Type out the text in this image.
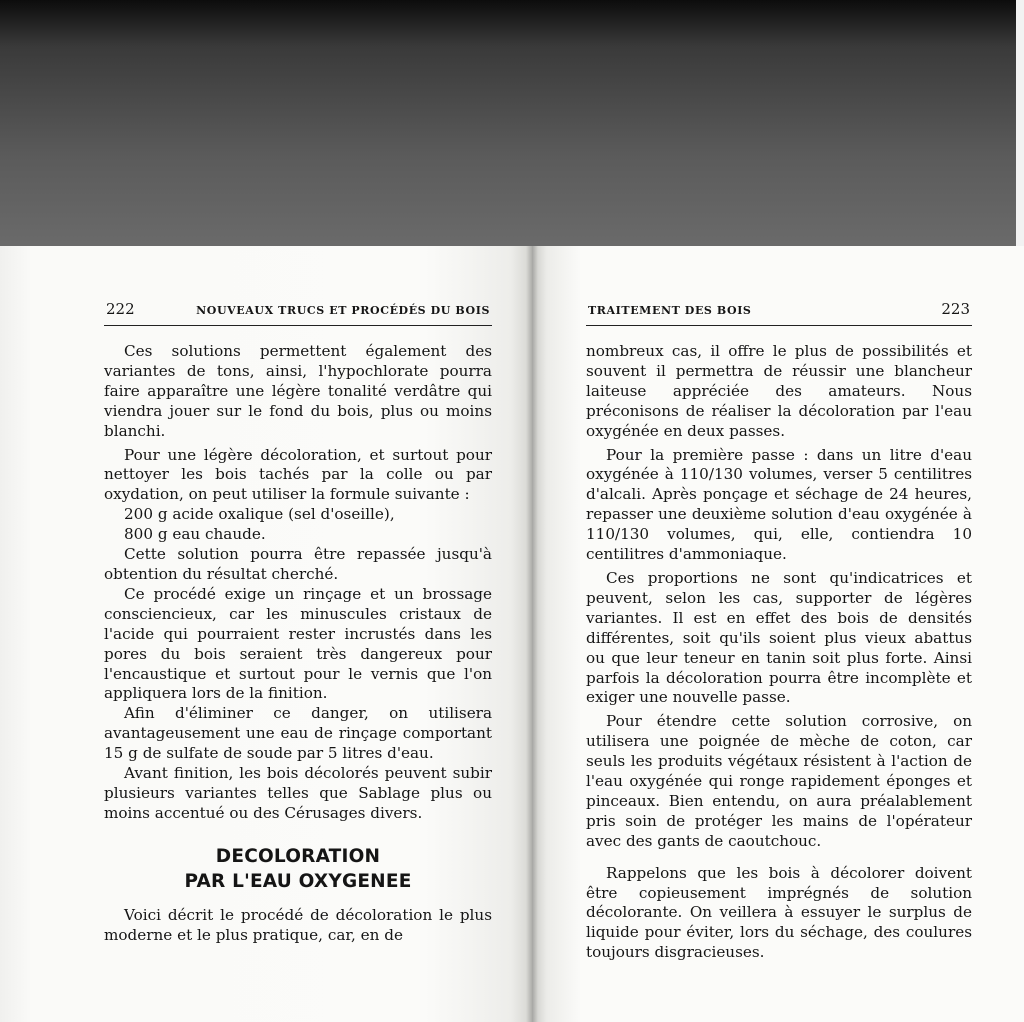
222	NOUVEAUX TRUCS ET PROCÉDÉS DU BOIS

Ces solutions permettent également des variantes de tons, ainsi, l'hypochlorate pourra faire apparaître une légère tonalité verdâtre qui viendra jouer sur le fond du bois, plus ou moins blanchi.

Pour une légère décoloration, et surtout pour nettoyer les bois tachés par la colle ou par oxydation, on peut utiliser la formule suivante :

200 g acide oxalique (sel d'oseille),

800 g eau chaude.

Cette solution pourra être repassée jusqu'à obtention du résultat cherché.

Ce procédé exige un rinçage et un brossage consciencieux, car les minuscules cristaux de l'acide qui pourraient rester incrustés dans les pores du bois seraient très dangereux pour l'encaustique et surtout pour le vernis que l'on appliquera lors de la finition.

Afin d'éliminer ce danger, on utilisera avantageusement une eau de rinçage comportant 15 g de sulfate de soude par 5 litres d'eau.

Avant finition, les bois décolorés peuvent subir plusieurs variantes telles que Sablage plus ou moins accentué ou des Cérusages divers.

DECOLORATION
PAR L'EAU OXYGENEE

Voici décrit le procédé de décoloration le plus moderne et le plus pratique, car, en de

TRAITEMENT DES BOIS	223

nombreux cas, il offre le plus de possibilités et souvent il permettra de réussir une blancheur laiteuse appréciée des amateurs. Nous préconisons de réaliser la décoloration par l'eau oxygénée en deux passes.

Pour la première passe : dans un litre d'eau oxygénée à 110/130 volumes, verser 5 centilitres d'alcali. Après ponçage et séchage de 24 heures, repasser une deuxième solution d'eau oxygénée à 110/130 volumes, qui, elle, contiendra 10 centilitres d'ammoniaque.

Ces proportions ne sont qu'indicatrices et peuvent, selon les cas, supporter de légères variantes. Il est en effet des bois de densités différentes, soit qu'ils soient plus vieux abattus ou que leur teneur en tanin soit plus forte. Ainsi parfois la décoloration pourra être incomplète et exiger une nouvelle passe.

Pour étendre cette solution corrosive, on utilisera une poignée de mèche de coton, car seuls les produits végétaux résistent à l'action de l'eau oxygénée qui ronge rapidement éponges et pinceaux. Bien entendu, on aura préalablement pris soin de protéger les mains de l'opérateur avec des gants de caoutchouc.

Rappelons que les bois à décolorer doivent être copieusement imprégnés de solution décolorante. On veillera à essuyer le surplus de liquide pour éviter, lors du séchage, des coulures toujours disgracieuses.
